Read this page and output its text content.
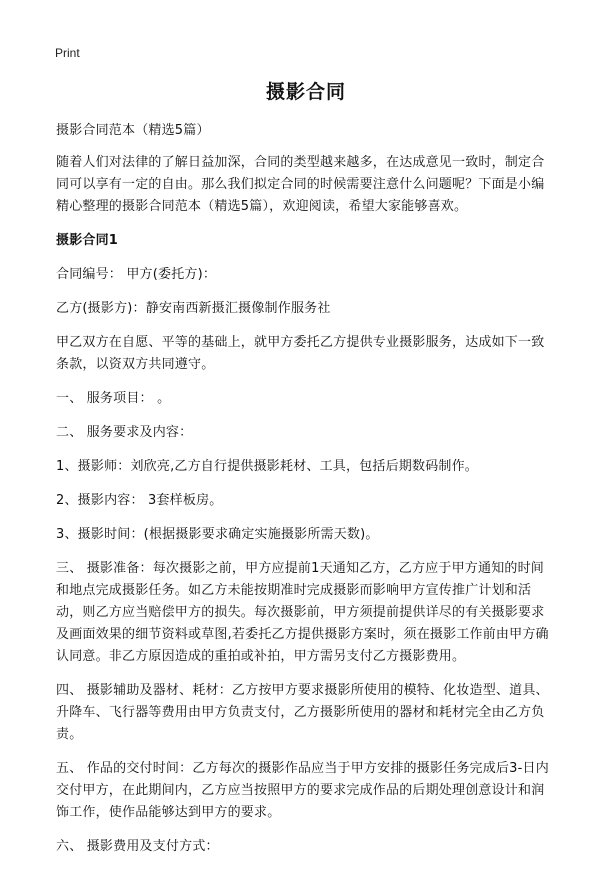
Print
摄影合同

摄影合同范本（精选5篇）

随着人们对法律的了解日益加深，合同的类型越来越多，在达成意见一致时，制定合同可以享有一定的自由。那么我们拟定合同的时候需要注意什么问题呢？下面是小编精心整理的摄影合同范本（精选5篇），欢迎阅读，希望大家能够喜欢。

摄影合同1

合同编号： 甲方(委托方)：

乙方(摄影方)：静安南西新摄汇摄像制作服务社

甲乙双方在自愿、平等的基础上，就甲方委托乙方提供专业摄影服务，达成如下一致条款，以资双方共同遵守。

一、 服务项目： 。

二、 服务要求及内容：

1、摄影师：刘欣亮,乙方自行提供摄影耗材、工具，包括后期数码制作。

2、摄影内容： 3套样板房。

3、摄影时间：(根据摄影要求确定实施摄影所需天数)。

三、 摄影准备：每次摄影之前，甲方应提前1天通知乙方，乙方应于甲方通知的时间和地点完成摄影任务。如乙方未能按期准时完成摄影而影响甲方宣传推广计划和活动，则乙方应当赔偿甲方的损失。每次摄影前，甲方须提前提供详尽的有关摄影要求及画面效果的细节资料或草图,若委托乙方提供摄影方案时，须在摄影工作前由甲方确认同意。非乙方原因造成的重拍或补拍，甲方需另支付乙方摄影费用。

四、 摄影辅助及器材、耗材：乙方按甲方要求摄影所使用的模特、化妆造型、道具、升降车、飞行器等费用由甲方负责支付，乙方摄影所使用的器材和耗材完全由乙方负责。

五、 作品的交付时间：乙方每次的摄影作品应当于甲方安排的摄影任务完成后3-日内交付甲方，在此期间内，乙方应当按照甲方的要求完成作品的后期处理创意设计和润饰工作，使作品能够达到甲方的要求。

六、 摄影费用及支付方式：
